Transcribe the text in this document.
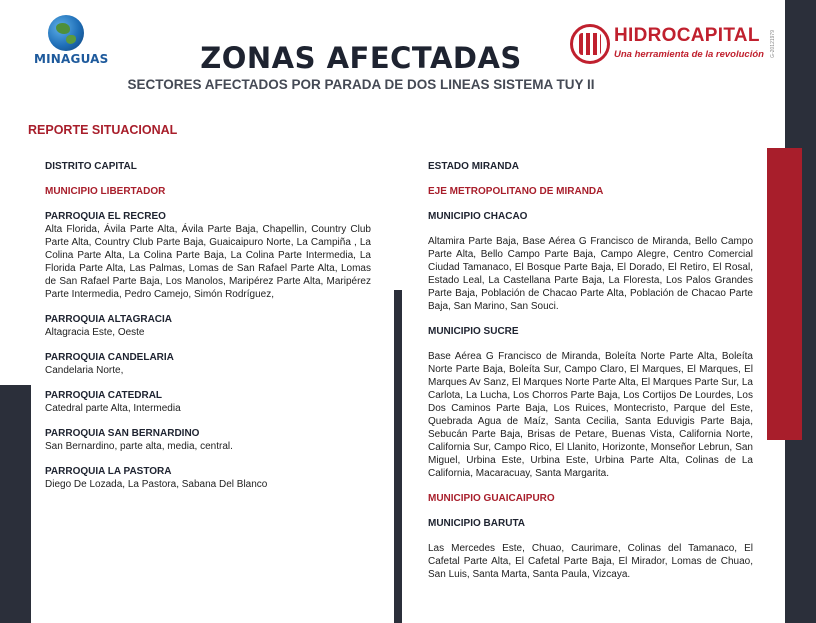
MINAGUAS
HIDROCAPITAL
Una herramienta de la revolución G-20121979
ZONAS AFECTADAS
SECTORES AFECTADOS POR PARADA DE DOS LINEAS SISTEMA TUY II
REPORTE SITUACIONAL
DISTRITO CAPITAL
MUNICIPIO LIBERTADOR
PARROQUIA EL RECREO
Alta Florida, Ávila Parte Alta, Ávila Parte Baja, Chapellin, Country Club Parte Alta, Country Club Parte Baja, Guaicaipuro Norte, La Campiña , La Colina Parte Alta, La Colina Parte Baja, La Colina Parte Intermedia, La Florida Parte Alta, Las Palmas, Lomas de San Rafael Parte Alta, Lomas de San Rafael Parte Baja, Los Manolos, Maripérez Parte Alta, Maripérez Parte Intermedia, Pedro Camejo, Simón Rodríguez,
PARROQUIA ALTAGRACIA
Altagracia Este, Oeste
PARROQUIA CANDELARIA
Candelaria Norte,
PARROQUIA CATEDRAL
Catedral parte Alta, Intermedia
PARROQUIA SAN BERNARDINO
San Bernardino, parte alta, media, central.
PARROQUIA LA PASTORA
Diego De Lozada, La Pastora, Sabana Del Blanco
ESTADO MIRANDA
EJE METROPOLITANO DE MIRANDA
MUNICIPIO CHACAO
Altamira Parte Baja, Base Aérea G Francisco de Miranda, Bello Campo Parte Alta, Bello Campo Parte Baja, Campo Alegre, Centro Comercial Ciudad Tamanaco, El Bosque Parte Baja, El Dorado, El Retiro, El Rosal, Estado Leal, La Castellana Parte Baja, La Floresta, Los Palos Grandes Parte Baja, Población de Chacao Parte Alta, Población de Chacao Parte Baja, San Marino, San Souci.
MUNICIPIO SUCRE
Base Aérea G Francisco de Miranda, Boleíta Norte Parte Alta, Boleíta Norte Parte Baja, Boleíta Sur, Campo Claro, El Marques, El Marques, El Marques Av Sanz, El Marques Norte Parte Alta, El Marques Parte Sur, La Carlota, La Lucha, Los Chorros Parte Baja, Los Cortijos De Lourdes, Los Dos Caminos Parte Baja, Los Ruices, Montecristo, Parque del Este, Quebrada Agua de Maíz, Santa Cecilia, Santa Eduvigis Parte Baja, Sebucán Parte Baja, Brisas de Petare, Buenas Vista, California Norte, California Sur, Campo Rico, El Llanito, Horizonte, Monseñor Lebrun, San Miguel, Urbina Este, Urbina Este, Urbina Parte Alta, Colinas de La California, Macaracuay, Santa Margarita.
MUNICIPIO GUAICAIPURO
MUNICIPIO BARUTA
Las Mercedes Este, Chuao, Caurimare, Colinas del Tamanaco, El Cafetal Parte Alta, El Cafetal Parte Baja, El Mirador, Lomas de Chuao, San Luis, Santa Marta, Santa Paula, Vizcaya.
